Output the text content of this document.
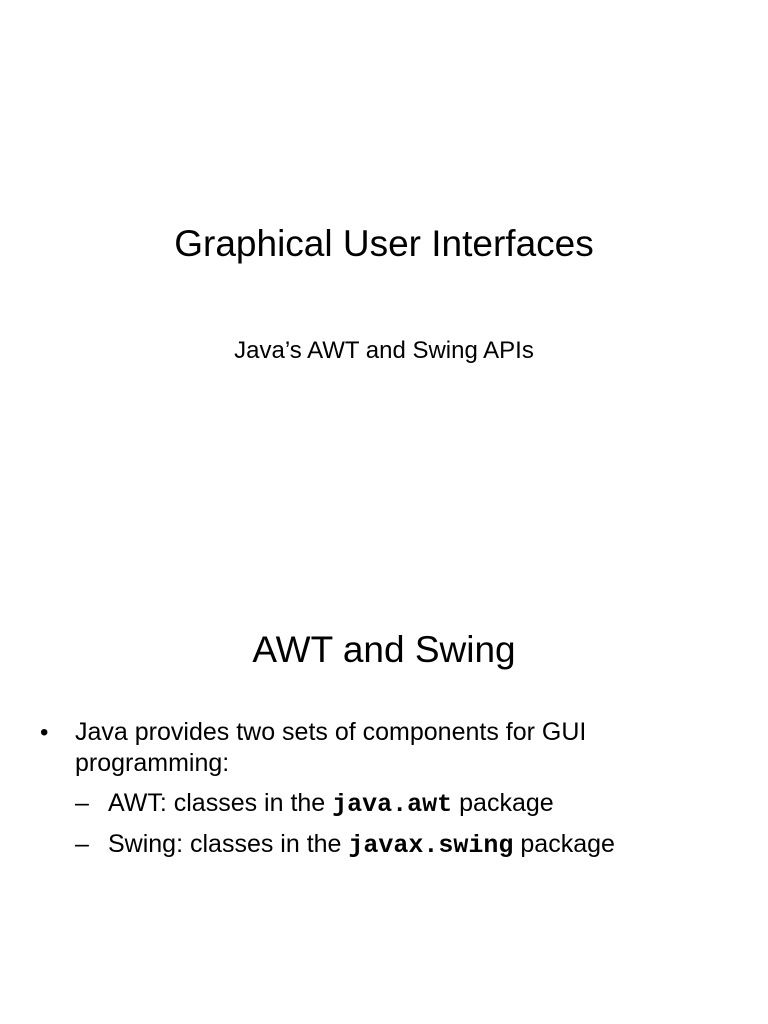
Graphical User Interfaces

Java’s AWT and Swing APIs

AWT and Swing
•	Java provides two sets of components for GUI programming:
– AWT: classes in the java.awt package
– Swing: classes in the javax.swing package
